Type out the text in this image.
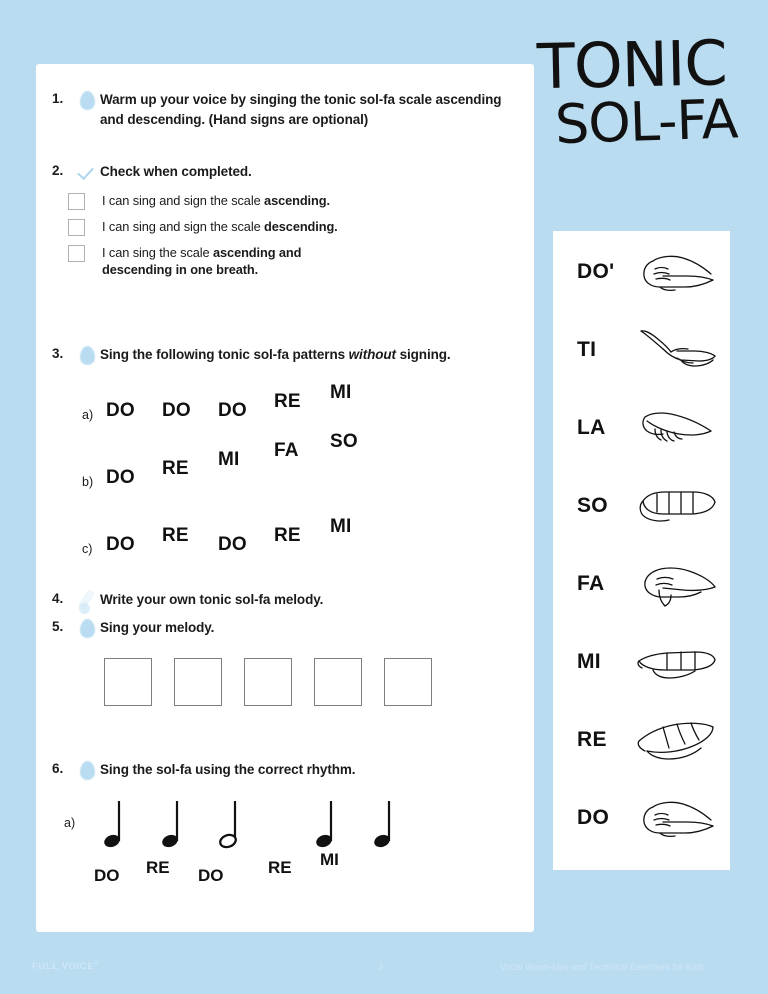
1.	Warm up your voice by singing the tonic sol-fa scale ascending and descending. (Hand signs are optional)
2.	Check when completed.
I can sing and sign the scale ascending.
I can sing and sign the scale descending.
I can sing the scale ascending and descending in one breath.
3.	Sing the following tonic sol-fa patterns without signing.
a) DO DO DO RE MI
b) DO RE MI FA SO
c) DO RE DO RE MI
4.	Write your own tonic sol-fa melody.
5.	Sing your melody.
6.	Sing the sol-fa using the correct rhythm.
a)
DO RE DO	RE MI
TONIC
SOL-FA
DO'
TI
LA
SO
FA
MI
RE
DO
FULL VOICE®	3	Vocal Warm-Ups and Technical Exercises for Kids
